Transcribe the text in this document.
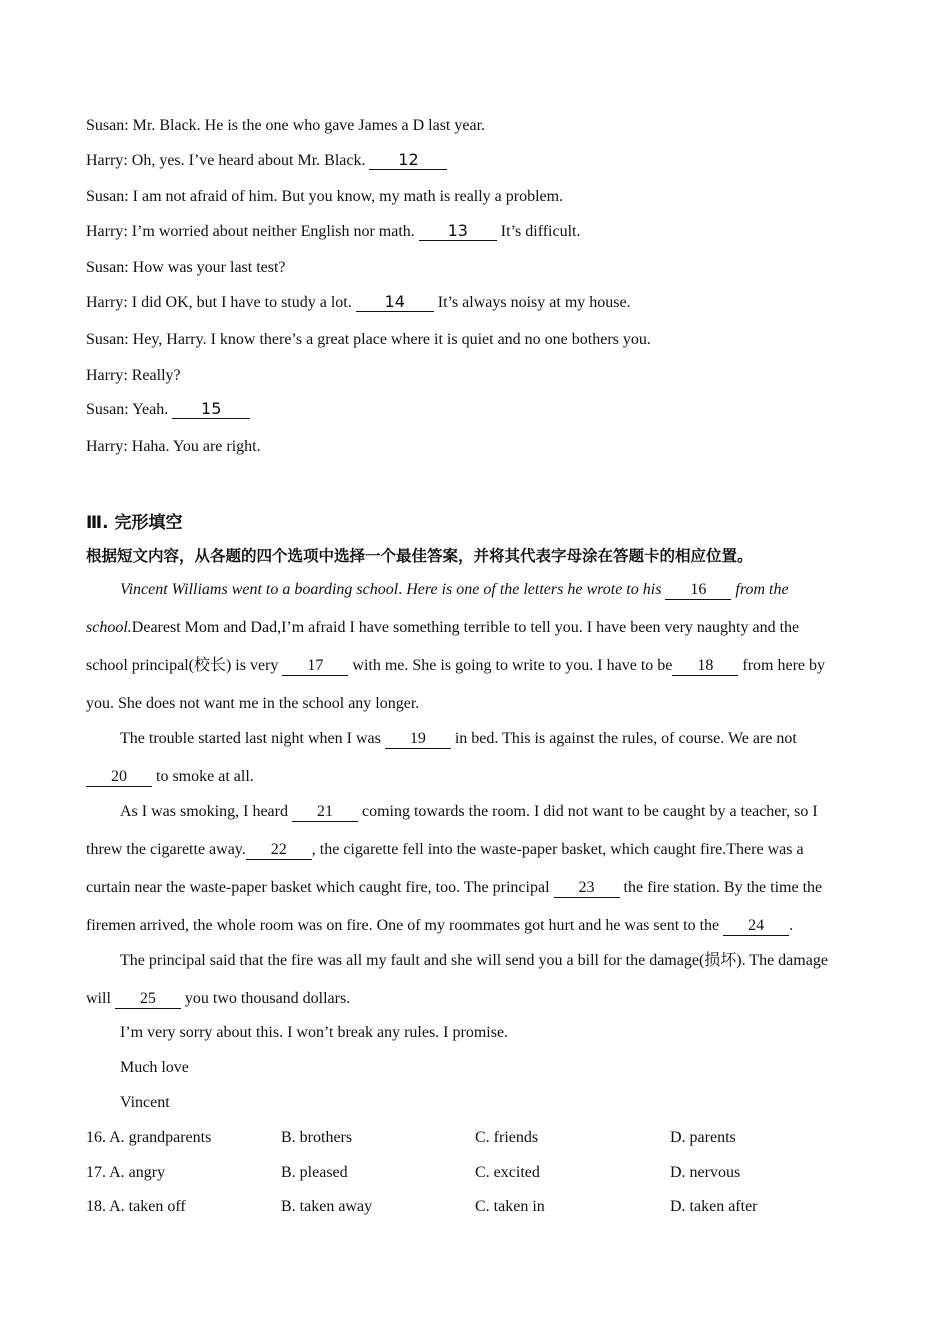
Susan: Mr. Black. He is the one who gave James a D last year.
Harry: Oh, yes. I’ve heard about Mr. Black. 12
Susan: I am not afraid of him. But you know, my math is really a problem.
Harry: I’m worried about neither English nor math. 13 It’s difficult.
Susan: How was your last test?
Harry: I did OK, but I have to study a lot. 14 It’s always noisy at my house.
Susan: Hey, Harry. I know there’s a great place where it is quiet and no one bothers you.
Harry: Really?
Susan: Yeah. 15
Harry: Haha. You are right.
Ⅲ. 完形填空
根据短文内容，从各题的四个选项中选择一个最佳答案，并将其代表字母涂在答题卡的相应位置。
Vincent Williams went to a boarding school. Here is one of the letters he wrote to his 16 from the
school.Dearest Mom and Dad,I’m afraid I have something terrible to tell you. I have been very naughty and the
school principal(校长) is very 17 with me. She is going to write to you. I have to be 18 from here by
you. She does not want me in the school any longer.
The trouble started last night when I was 19 in bed. This is against the rules, of course. We are not
20 to smoke at all.
As I was smoking, I heard 21 coming towards the room. I did not want to be caught by a teacher, so I
threw the cigarette away. 22 , the cigarette fell into the waste-paper basket, which caught fire.There was a
curtain near the waste-paper basket which caught fire, too. The principal 23 the fire station. By the time the
firemen arrived, the whole room was on fire. One of my roommates got hurt and he was sent to the 24 .
The principal said that the fire was all my fault and she will send you a bill for the damage(损坏). The damage
will 25 you two thousand dollars.
I’m very sorry about this. I won’t break any rules. I promise.
Much love
Vincent
16. A. grandparents	B. brothers	C. friends	D. parents
17. A. angry	B. pleased	C. excited	D. nervous
18. A. taken off	B. taken away	C. taken in	D. taken after
